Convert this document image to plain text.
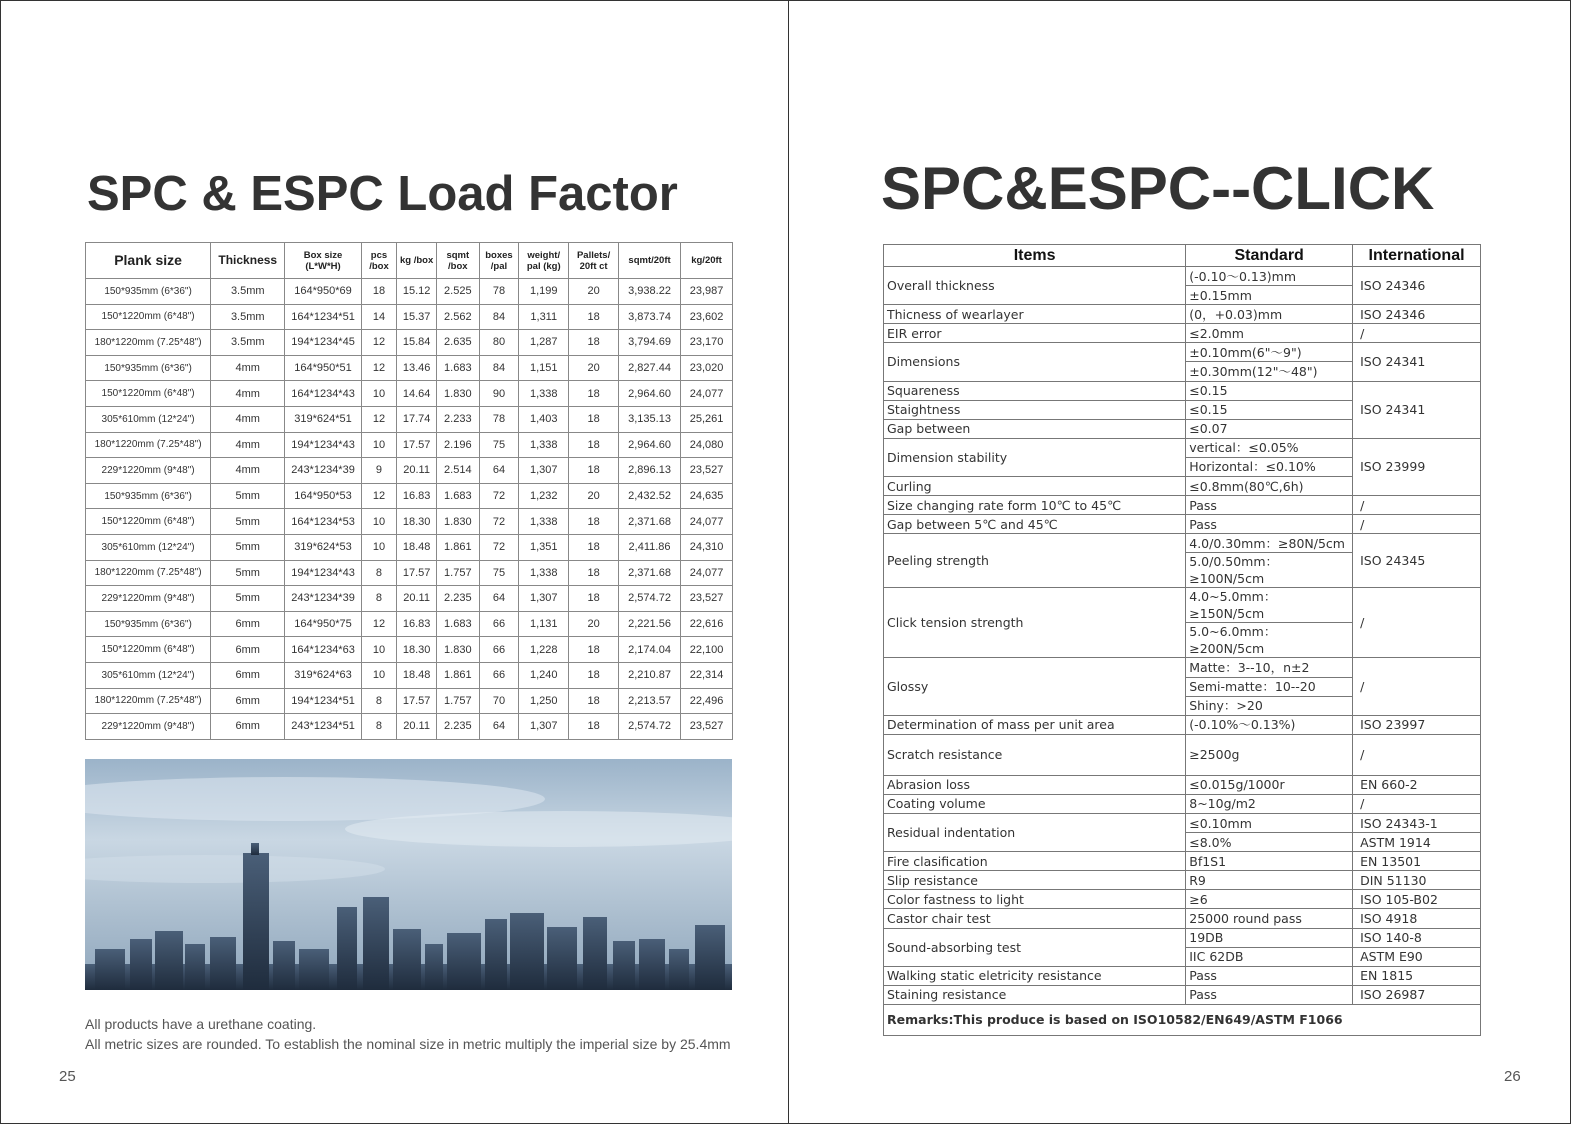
SPC & ESPC Load Factor
Plank size	Thickness	Box size (L*W*H)	pcs /box	kg /box	sqmt /box	boxes /pal	weight/ pal (kg)	Pallets/ 20ft ct	sqmt/20ft	kg/20ft
150*935mm (6*36")	3.5mm	164*950*69	18	15.12	2.525	78	1,199	20	3,938.22	23,987
150*1220mm (6*48")	3.5mm	164*1234*51	14	15.37	2.562	84	1,311	18	3,873.74	23,602
180*1220mm (7.25*48")	3.5mm	194*1234*45	12	15.84	2.635	80	1,287	18	3,794.69	23,170
150*935mm (6*36")	4mm	164*950*51	12	13.46	1.683	84	1,151	20	2,827.44	23,020
150*1220mm (6*48")	4mm	164*1234*43	10	14.64	1.830	90	1,338	18	2,964.60	24,077
305*610mm (12*24")	4mm	319*624*51	12	17.74	2.233	78	1,403	18	3,135.13	25,261
180*1220mm (7.25*48")	4mm	194*1234*43	10	17.57	2.196	75	1,338	18	2,964.60	24,080
229*1220mm (9*48")	4mm	243*1234*39	9	20.11	2.514	64	1,307	18	2,896.13	23,527
150*935mm (6*36")	5mm	164*950*53	12	16.83	1.683	72	1,232	20	2,432.52	24,635
150*1220mm (6*48")	5mm	164*1234*53	10	18.30	1.830	72	1,338	18	2,371.68	24,077
305*610mm (12*24")	5mm	319*624*53	10	18.48	1.861	72	1,351	18	2,411.86	24,310
180*1220mm (7.25*48")	5mm	194*1234*43	8	17.57	1.757	75	1,338	18	2,371.68	24,077
229*1220mm (9*48")	5mm	243*1234*39	8	20.11	2.235	64	1,307	18	2,574.72	23,527
150*935mm (6*36")	6mm	164*950*75	12	16.83	1.683	66	1,131	20	2,221.56	22,616
150*1220mm (6*48")	6mm	164*1234*63	10	18.30	1.830	66	1,228	18	2,174.04	22,100
305*610mm (12*24")	6mm	319*624*63	10	18.48	1.861	66	1,240	18	2,210.87	22,314
180*1220mm (7.25*48")	6mm	194*1234*51	8	17.57	1.757	70	1,250	18	2,213.57	22,496
229*1220mm (9*48")	6mm	243*1234*51	8	20.11	2.235	64	1,307	18	2,574.72	23,527
All products have a urethane coating.
All metric sizes are rounded. To establish the nominal size in metric multiply the imperial size by 25.4mm
25
SPC&ESPC--CLICK
Items	Standard	International
Overall thickness	(-0.10～0.13)mm	ISO 24346
	±0.15mm	
Thicness of wearlayer	(0，+0.03)mm	ISO 24346
EIR error	≤2.0mm	/
Dimensions	±0.10mm(6"～9")	ISO 24341
	±0.30mm(12"～48")	
Squareness	≤0.15	ISO 24341
Staightness	≤0.15	
Gap between	≤0.07	
Dimension stability	vertical：≤0.05%	ISO 23999
	Horizontal：≤0.10%	
Curling	≤0.8mm(80℃,6h)	
Size changing rate form 10℃ to 45℃	Pass	/
Gap between 5℃ and 45℃	Pass	/
Peeling strength	4.0/0.30mm：≥80N/5cm	ISO 24345
	5.0/0.50mm：≥100N/5cm	
Click tension strength	4.0~5.0mm：≥150N/5cm	/
	5.0~6.0mm：≥200N/5cm	
Glossy	Matte：3--10，n±2	/
	Semi-matte：10--20	
	Shiny：>20	
Determination of mass per unit area	(-0.10%～0.13%)	ISO 23997
Scratch resistance	≥2500g	/
Abrasion loss	≤0.015g/1000r	EN 660-2
Coating volume	8~10g/m2	/
Residual indentation	≤0.10mm	ISO 24343-1
	≤8.0%	ASTM 1914
Fire clasification	Bf1S1	EN 13501
Slip resistance	R9	DIN 51130
Color fastness to light	≥6	ISO 105-B02
Castor chair test	25000 round pass	ISO 4918
Sound-absorbing test	19DB	ISO 140-8
	IIC 62DB	ASTM E90
Walking static eletricity resistance	Pass	EN 1815
Staining resistance	Pass	ISO 26987
Remarks:This produce is based on ISO10582/EN649/ASTM F1066		
26
